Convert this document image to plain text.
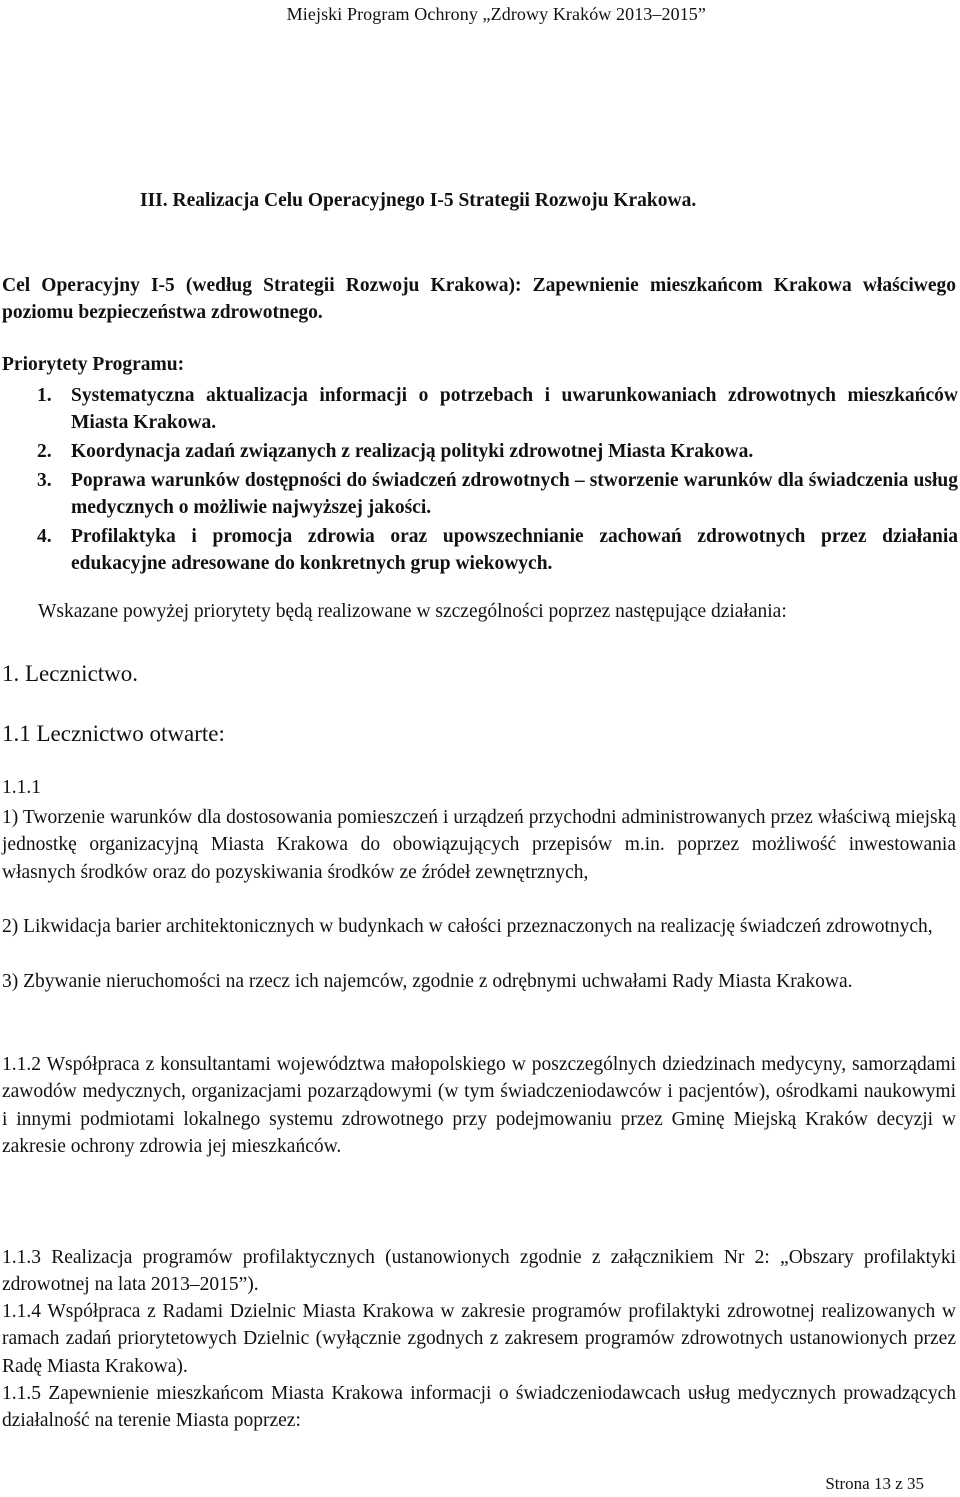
Miejski Program Ochrony „Zdrowy Kraków 2013–2015”
III. Realizacja Celu Operacyjnego I-5 Strategii Rozwoju Krakowa.

Cel Operacyjny I-5 (według Strategii Rozwoju Krakowa): Zapewnienie mieszkańcom Krakowa właściwego poziomu bezpieczeństwa zdrowotnego.

Priorytety Programu:
1. Systematyczna aktualizacja informacji o potrzebach i uwarunkowaniach zdrowotnych mieszkańców Miasta Krakowa.
2. Koordynacja zadań związanych z realizacją polityki zdrowotnej Miasta Krakowa.
3. Poprawa warunków dostępności do świadczeń zdrowotnych – stworzenie warunków dla świadczenia usług medycznych o możliwie najwyższej jakości.
4. Profilaktyka i promocja zdrowia oraz upowszechnianie zachowań zdrowotnych przez działania edukacyjne adresowane do konkretnych grup wiekowych.
Wskazane powyżej priorytety będą realizowane w szczególności poprzez następujące działania:
1. Lecznictwo.
1.1 Lecznictwo otwarte:
1.1.1

1) Tworzenie warunków dla dostosowania pomieszczeń i urządzeń przychodni administrowanych przez właściwą miejską jednostkę organizacyjną Miasta Krakowa do obowiązujących przepisów m.in. poprzez możliwość inwestowania własnych środków oraz do pozyskiwania środków ze źródeł zewnętrznych,

2) Likwidacja barier architektonicznych w budynkach w całości przeznaczonych na realizację świadczeń zdrowotnych,

3) Zbywanie nieruchomości na rzecz ich najemców, zgodnie z odrębnymi uchwałami Rady Miasta Krakowa.

1.1.2 Współpraca z konsultantami województwa małopolskiego w poszczególnych dziedzinach medycyny, samorządami zawodów medycznych, organizacjami pozarządowymi (w tym świadczeniodawców i pacjentów), ośrodkami naukowymi i innymi podmiotami lokalnego systemu zdrowotnego przy podejmowaniu przez Gminę Miejską Kraków decyzji w zakresie ochrony zdrowia jej mieszkańców.

1.1.3 Realizacja programów profilaktycznych (ustanowionych zgodnie z załącznikiem Nr 2: „Obszary profilaktyki zdrowotnej na lata 2013–2015”).

1.1.4 Współpraca z Radami Dzielnic Miasta Krakowa w zakresie programów profilaktyki zdrowotnej realizowanych w ramach zadań priorytetowych Dzielnic (wyłącznie zgodnych z zakresem programów zdrowotnych ustanowionych przez Radę Miasta Krakowa).

1.1.5 Zapewnienie mieszkańcom Miasta Krakowa informacji o świadczeniodawcach usług medycznych prowadzących działalność na terenie Miasta poprzez:

Strona 13 z 35
